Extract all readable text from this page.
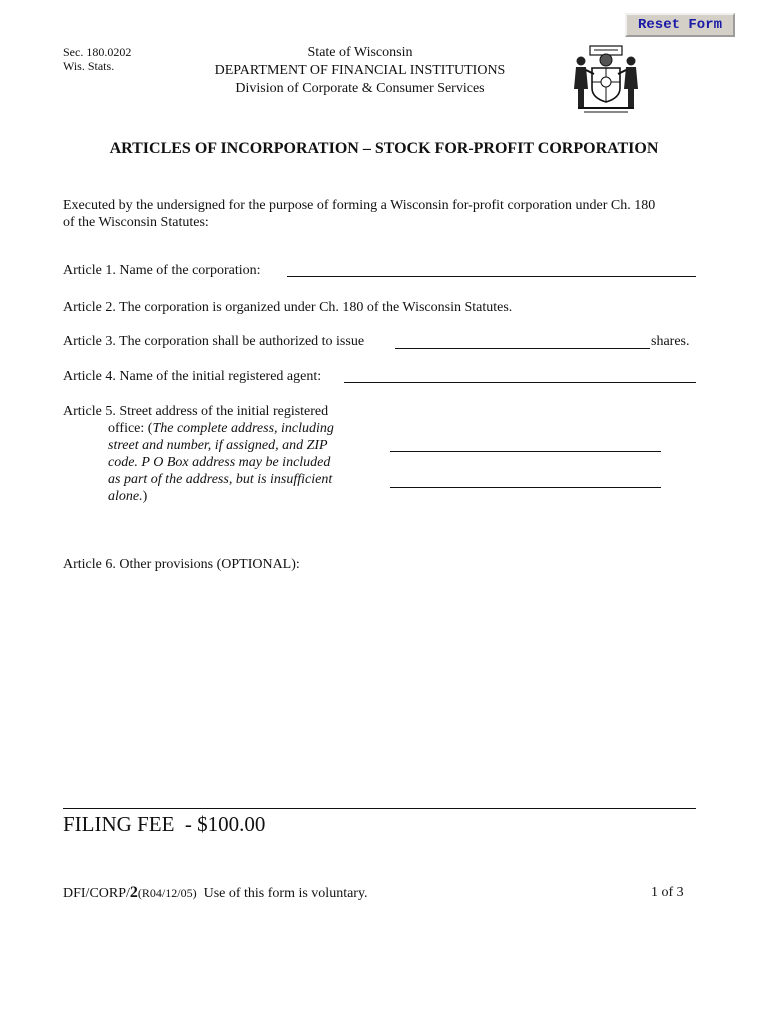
Reset Form
Sec. 180.0202
Wis. Stats.
State of Wisconsin
DEPARTMENT OF FINANCIAL INSTITUTIONS
Division of Corporate & Consumer Services
ARTICLES OF INCORPORATION – STOCK FOR-PROFIT CORPORATION
Executed by the undersigned for the purpose of forming a Wisconsin for-profit corporation under Ch. 180
of the Wisconsin Statutes:
Article 1. Name of the corporation:
Article 2. The corporation is organized under Ch. 180 of the Wisconsin Statutes.
Article 3. The corporation shall be authorized to issue	shares.
Article 4. Name of the initial registered agent:
Article 5. Street address of the initial registered
office: (The complete address, including
street and number, if assigned, and ZIP
code. P O Box address may be included
as part of the address, but is insufficient
alone.)
Article 6. Other provisions (OPTIONAL):
FILING FEE  - $100.00
DFI/CORP/2(R04/12/05) Use of this form is voluntary.	1 of 3
